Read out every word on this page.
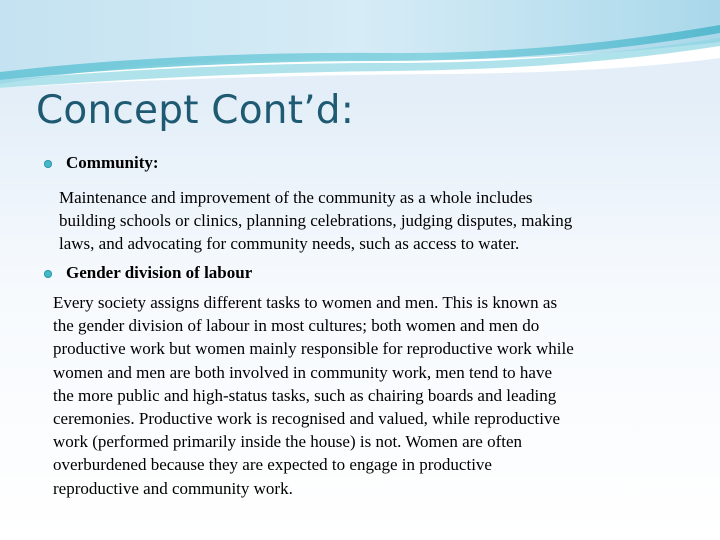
Concept Cont’d:
Community:

Maintenance and improvement of the community as a whole includes
building schools or clinics, planning celebrations, judging disputes, making
laws, and advocating for community needs, such as access to water.

Gender division of labour

Every society assigns different tasks to women and men. This is known as
the gender division of labour in most cultures; both women and men do
productive work but women mainly responsible for reproductive work while
women and men are both involved in community work, men tend to have
the more public and high-status tasks, such as chairing boards and leading
ceremonies. Productive work is recognised and valued, while reproductive
work (performed primarily inside the house) is not. Women are often
overburdened because they are expected to engage in productive
reproductive and community work.
